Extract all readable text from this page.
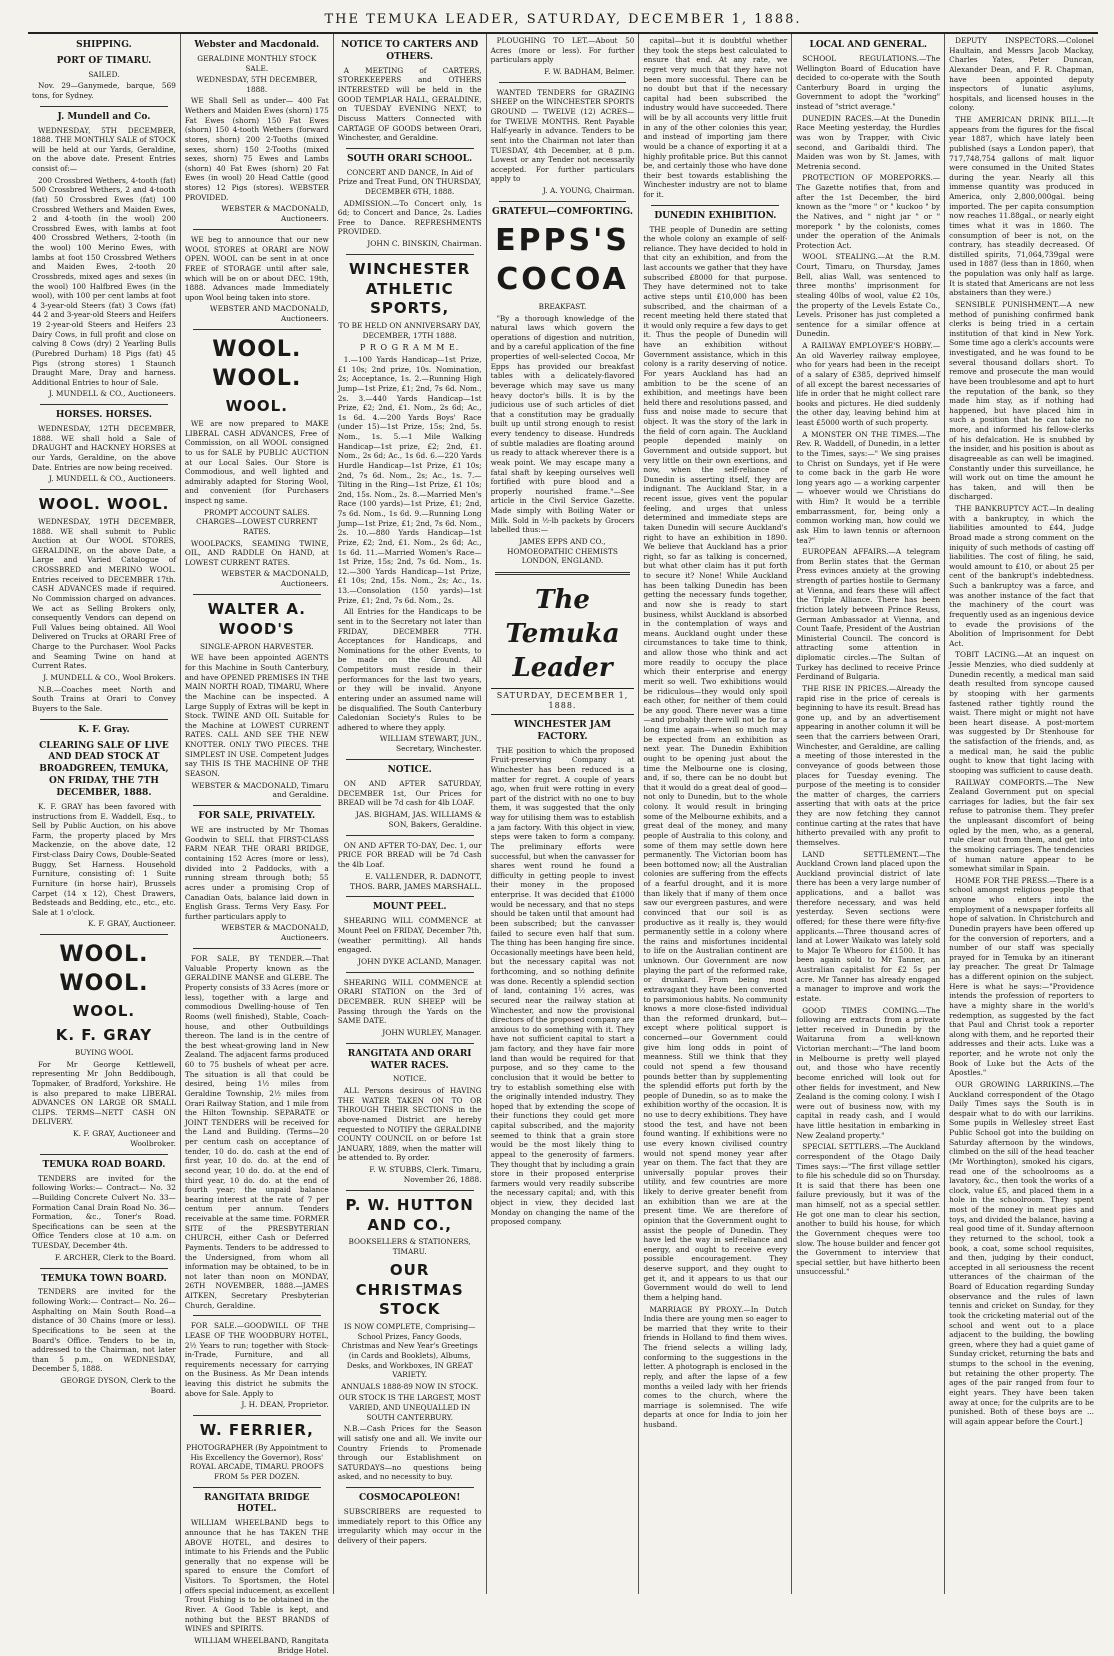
THE TEMUKA LEADER, SATURDAY, DECEMBER 1, 1888.
SHIPPING.
PORT OF TIMARU.

SAILED.

Nov. 29—Ganymede, barque, 569 tons, for Sydney.

J. Mundell and Co.

WEDNESDAY, 5TH DECEMBER, 1888. THE MONTHLY SALE of STOCK will be held at our Yards, Geraldine, on the above date. Present Entries consist of:—

200 Crossbred Wethers, 4-tooth (fat) 500 Crossbred Wethers, 2 and 4-tooth (fat) 50 Crossbred Ewes (fat) 100 Crossbred Wethers and Maiden Ewes, 2 and 4-tooth (in the wool) 200 Crossbred Ewes, with lambs at foot 400 Crossbred Wethers, 2-tooth (in the wool) 100 Merino Ewes, with lambs at foot 150 Crossbred Wethers and Maiden Ewes, 2-tooth 20 Crossbreds, mixed ages and sexes (in the wool) 100 Halfbred Ewes (in the wool), with 100 per cent lambs at foot 4 3-year-old Steers (fat) 3 Cows (fat) 44 2 and 3-year-old Steers and Heifers 19 2-year-old Steers and Heifers 23 Dairy Cows, in full profit and close on calving 8 Cows (dry) 2 Yearling Bulls (Purebred Durham) 18 Pigs (fat) 45 Pigs (strong stores) 1 Staunch Draught Mare, Dray and harness. Additional Entries to hour of Sale.

J. MUNDELL & CO., Auctioneers.

HORSES. HORSES.

WEDNESDAY, 12TH DECEMBER, 1888. WE shall hold a Sale of DRAUGHT and HACKNEY HORSES at our Yards, Geraldine, on the above Date. Entries are now being received.

J. MUNDELL & CO., Auctioneers.

WOOL. WOOL.

WEDNESDAY, 19TH DECEMBER, 1888. WE shall submit to Public Auction at Our WOOL STORES, GERALDINE, on the above Date, a Large and Varied Catalogue of CROSSBRED and MERINO WOOL. Entries received to DECEMBER 17th. CASH ADVANCES made if required. No Commission charged on advances. We act as Selling Brokers only, consequently Vendors can depend on Full Values being obtained. All Wool Delivered on Trucks at ORARI Free of Charge to the Purchaser. Wool Packs and Seaming Twine on hand at Current Rates.

J. MUNDELL & CO., Wool Brokers.

N.B.—Coaches meet North and South Trains at Orari to Convey Buyers to the Sale.

K. F. Gray.
CLEARING SALE OF LIVE AND DEAD STOCK AT BROADGREEN, TEMUKA, ON FRIDAY, THE 7TH DECEMBER, 1888.

K. F. GRAY has been favored with instructions from E. Waddell, Esq., to Sell by Public Auction, on his above Farm, the property placed by Mrs Mackenzie, on the above date, 12 First-class Dairy Cows, Double-Seated Buggy, Set Harness. Household Furniture, consisting of: 1 Suite Furniture (in horse hair), Brussels Carpet (14 x 12), Chest Drawers, Bedsteads and Bedding, etc., etc., etc. Sale at 1 o'clock.

K. F. GRAY, Auctioneer.

WOOL. WOOL.
WOOL.
K. F. GRAY

BUYING WOOL

For Mr George Kettlewell, representing Mr John Beddibough, Topmaker, of Bradford, Yorkshire. He is also prepared to make LIBERAL ADVANCES ON LARGE OR SMALL CLIPS. TERMS—NETT CASH ON DELIVERY.

K. F. GRAY, Auctioneer and Woolbroker.

TEMUKA ROAD BOARD.

TENDERS are invited for the following Works:— Contract— No. 32—Building Concrete Culvert No. 33—Formation Canal Drain Road No. 36—Formation, &c., Toner's Road. Specifications can be seen at the Office Tenders close at 10 a.m. on TUESDAY, December 4th.

F. ARCHER, Clerk to the Board.

TEMUKA TOWN BOARD.

TENDERS are invited for the following Work:— Contract— No. 26—Asphalting on Main South Road—a distance of 30 Chains (more or less). Specifications to be seen at the Board's Office. Tenders to be in, addressed to the Chairman, not later than 5 p.m., on WEDNESDAY, December 5, 1888.

GEORGE DYSON, Clerk to the Board.

Webster and Macdonald.

GERALDINE MONTHLY STOCK SALE.

WEDNESDAY, 5TH DECEMBER, 1888.

WE Shall Sell as under— 400 Fat Wethers and Maiden Ewes (shorn) 175 Fat Ewes (shorn) 150 Fat Ewes (shorn) 150 4-tooth Wethers (forward stores, shorn) 200 2-Tooths (mixed sexes, shorn) 150 2-Tooths (mixed sexes, shorn) 75 Ewes and Lambs (shorn) 40 Fat Ewes (shorn) 20 Fat Ewes (in wool) 20 Head Cattle (good stores) 12 Pigs (stores). WEBSTER PROVIDED.

WEBSTER & MACDONALD, Auctioneers.

WE beg to announce that our new WOOL STORES at ORARI are NOW OPEN. WOOL can be sent in at once FREE of STORAGE until after sale, which will be on or about DEC. 19th, 1888. Advances made Immediately upon Wool being taken into store.

WEBSTER AND MACDONALD, Auctioneers.

WOOL. WOOL.
WOOL.

WE are now prepared to MAKE LIBERAL CASH ADVANCES, Free of Commission, on all WOOL consigned to us for SALE by PUBLIC AUCTION at our Local Sales. Our Store is Commodious, and well lighted and admirably adapted for Storing Wool, and convenient (for Purchasers inspect ng same.

PROMPT ACCOUNT SALES. CHARGES—LOWEST CURRENT RATES.

WOOLPACKS, SEAMING TWINE, OIL, AND RADDLE On HAND, at LOWEST CURRENT RATES.

WEBSTER & MACDONALD, Auctioneers.

WALTER A. WOOD'S

SINGLE-APRON HARVESTER.

WE have been appointed AGENTS for this Machine in South Canterbury, and have OPENED PREMISES IN THE MAIN NORTH ROAD, TIMARU, Where the Machine can be inspected. A Large Supply of Extras will be kept in Stock. TWINE AND OIL Suitable for the Machine at LOWEST CURRENT RATES. CALL AND SEE THE NEW KNOTTER. ONLY TWO PIECES. THE SIMPLEST IN USE. Competent Judges say THIS IS THE MACHINE OF THE SEASON.

WEBSTER & MACDONALD, Timaru and Geraldine.

FOR SALE, PRIVATELY.

WE are instructed by Mr Thomas Goodwin to SELL that FIRST-CLASS FARM NEAR THE ORARI BRIDGE, containing 152 Acres (more or less), divided into 2 Paddocks, with a running stream through both; 55 acres under a promising Crop of Canadian Oats, balance laid down in English Grass. Terms Very Easy. For further particulars apply to

WEBSTER & MACDONALD, Auctioneers.

FOR SALE, BY TENDER.—That Valuable Property known as the GERALDINE MANSE and GLEBE. The Property consists of 33 Acres (more or less), together with a large and commodious Dwelling-house of Ten Rooms (well finished), Stable, Coach-house, and other Outbuildings thereon. The land is in the centre of the best wheat-growing land in New Zealand. The adjacent farms produced 60 to 75 bushels of wheat per acre. The situation is all that could be desired, being 1½ miles from Geraldine Township, 2½ miles from Orari Railway Station, and 1 mile from the Hilton Township. SEPARATE or JOINT TENDERS will be received for the Land and Building. (Terms—20 per centum cash on acceptance of tender, 10 do. do. cash at the end of first year, 10 do. do. at the end of second year, 10 do. do. at the end of third year, 10 do. do. at the end of fourth year; the unpaid balance bearing interest at the rate of 7 per centum per annum. Tenders receivable at the same time. FORMER SITE of the PRESBYTERIAN CHURCH, either Cash or Deferred Payments. Tenders to be addressed to the Undersigned, from whom all information may be obtained, to be in not later than noon on MONDAY, 26TH NOVEMBER, 1888.—JAMES AITKEN, Secretary Presbyterian Church, Geraldine.

FOR SALE.—GOODWILL OF THE LEASE OF THE WOODBURY HOTEL, 2½ Years to run; together with Stock-in-Trade, Furniture, and all requirements necessary for carrying on the Business. As Mr Dean intends leaving this district he submits the above for Sale. Apply to

J. H. DEAN, Proprietor.

W. FERRIER,

PHOTOGRAPHER (By Appointment to His Excellency the Governor), Ross' ROYAL ARCADE, TIMARU. PROOFS FROM 5s PER DOZEN.

RANGITATA BRIDGE HOTEL.

WILLIAM WHEELBAND begs to announce that he has TAKEN THE ABOVE HOTEL, and desires to intimate to his Friends and the Public generally that no expense will be spared to ensure the Comfort of Visitors. To Sportsmen, the Hotel offers special inducement, as excellent Trout Fishing is to be obtained in the River. A Good Table is kept, and nothing but the BEST BRANDS of WINES and SPIRITS.

WILLIAM WHEELBAND, Rangitata Bridge Hotel.

NOTICE TO CARTERS AND OTHERS.

A MEETING of CARTERS, STOREKEEPERS and OTHERS INTERESTED will be held in the GOOD TEMPLAR HALL, GERALDINE, on TUESDAY EVENING NEXT, to Discuss Matters Connected with CARTAGE OF GOODS between Orari, Winchester, and Geraldine.

SOUTH ORARI SCHOOL.

CONCERT AND DANCE, In Aid of Prize and Treat Fund, ON THURSDAY, DECEMBER 6TH, 1888.

ADMISSION.—To Concert only, 1s 6d; to Concert and Dance, 2s. Ladies Free to Dance. REFRESHMENTS PROVIDED.

JOHN C. BINSKIN, Chairman.

WINCHESTER ATHLETIC SPORTS,

TO BE HELD ON ANNIVERSARY DAY, DECEMBER, 17TH 1888.

P R O G R A M M E.

1.—100 Yards Handicap—1st Prize, £1 10s; 2nd prize, 10s. Nomination, 2s; Acceptance, 1s. 2.—Running High Jump—1st Prize, £1; 2nd, 7s 6d. Nom., 2s. 3.—440 Yards Handicap—1st Prize, £2; 2nd, £1. Nom., 2s 6d; Ac., 1s 6d. 4.—200 Yards Boys' Race (under 15)—1st Prize, 15s; 2nd, 5s. Nom., 1s. 5.—1 Mile Walking Handicap—1st prize, £2; 2nd, £1. Nom., 2s 6d; Ac., 1s 6d. 6.—220 Yards Hurdle Handicap—1st Prize, £1 10s; 2nd, 7s 6d. Nom., 2s; Ac., 1s. 7.—Tilting in the Ring—1st Prize, £1 10s; 2nd, 15s. Nom., 2s. 8.—Married Men's Race (100 yards)—1st Prize, £1; 2nd, 7s 6d. Nom., 1s 6d. 9.—Running Long Jump—1st Prize, £1; 2nd, 7s 6d. Nom., 2s. 10.—880 Yards Handicap—1st Prize, £2; 2nd, £1. Nom., 2s 6d; Ac., 1s 6d. 11.—Married Women's Race—1st Prize, 15s; 2nd, 7s 6d. Nom., 1s. 12.—300 Yards Handicap—1st Prize, £1 10s; 2nd, 15s. Nom., 2s; Ac., 1s. 13.—Consolation (150 yards)—1st Prize, £1; 2nd, 7s 6d. Nom., 2s.

All Entries for the Handicaps to be sent in to the Secretary not later than FRIDAY, DECEMBER 7TH. Acceptances for Handicaps, and Nominations for the other Events, to be made on the Ground. All Competitors must reside in their performances for the last two years, or they will be invalid. Anyone entering under an assumed name will be disqualified. The South Canterbury Caledonian Society's Rules to be adhered to where they apply.

WILLIAM STEWART, JUN., Secretary, Winchester.

NOTICE.

ON AND AFTER SATURDAY, DECEMBER 1st, Our Prices for BREAD will be 7d cash for 4lb LOAF.

JAS. BIGHAM, JAS. WILLIAMS & SON, Bakers, Geraldine.

ON AND AFTER TO-DAY, Dec. 1, our PRICE FOR BREAD will be 7d Cash the 4lb Loaf.

E. VALLENDER, R. DADNOTT, THOS. BARR, JAMES MARSHALL.

MOUNT PEEL.

SHEARING WILL COMMENCE at Mount Peel on FRIDAY, December 7th, (weather permitting). All hands engaged.

JOHN DYKE ACLAND, Manager.

SHEARING WILL COMMENCE at ORARI STATION on the 3rd of DECEMBER. RUN SHEEP will be Passing through the Yards on the SAME DATE.

JOHN WURLEY, Manager.

RANGITATA AND ORARI WATER RACES.

NOTICE.

ALL Persons desirous of HAVING THE WATER TAKEN ON TO OR THROUGH THEIR SECTIONS in the above-named District are hereby requested to NOTIFY the GERALDINE COUNTY COUNCIL on or before 1st JANUARY, 1889, when the matter will be attended to. By order.

F. W. STUBBS, Clerk. Timaru, November 26, 1888.

P. W. HUTTON AND CO.,

BOOKSELLERS & STATIONERS, TIMARU.

OUR CHRISTMAS STOCK

IS NOW COMPLETE, Comprising— School Prizes, Fancy Goods, Christmas and New Year's Greetings (in Cards and Booklets), Albums, Desks, and Workboxes, IN GREAT VARIETY.

ANNUALS 1888-89 NOW IN STOCK.

OUR STOCK IS THE LARGEST, MOST VARIED, AND UNEQUALLED IN SOUTH CANTERBURY.

N.B.—Cash Prices for the Season will satisfy one and all. We invite our Country Friends to Promenade through our Establishment on SATURDAYS—no questions being asked, and no necessity to buy.

COSMOCAPOLEON!

SUBSCRIBERS are requested to immediately report to this Office any irregularity which may occur in the delivery of their papers.

PLOUGHING TO LET.—About 50 Acres (more or less). For further particulars apply

F. W. BADHAM, Belmer.

WANTED TENDERS for GRAZING SHEEP on the WINCHESTER SPORTS GROUND — TWELVE (12) ACRES—for TWELVE MONTHS. Rent Payable Half-yearly in advance. Tenders to be sent into the Chairman not later than TUESDAY, 4th December, at 8 p.m. Lowest or any Tender not necessarily accepted. For further particulars apply to

J. A. YOUNG, Chairman.

GRATEFUL—COMFORTING.
EPPS'S COCOA

BREAKFAST.

"By a thorough knowledge of the natural laws which govern the operations of digestion and nutrition, and by a careful application of the fine properties of well-selected Cocoa, Mr Epps has provided our breakfast tables with a delicately-flavored beverage which may save us many heavy doctor's bills. It is by the judicious use of such articles of diet that a constitution may be gradually built up until strong enough to resist every tendency to disease. Hundreds of subtle maladies are floating around us ready to attack wherever there is a weak point. We may escape many a fatal shaft by keeping ourselves well fortified with pure blood and a properly nourished frame."—See article in the Civil Service Gazette. Made simply with Boiling Water or Milk. Sold in ½-lb packets by Grocers labelled thus:—

JAMES EPPS AND CO., HOMOEOPATHIC CHEMISTS LONDON, ENGLAND.

The Temuka Leader
SATURDAY, DECEMBER 1, 1888.
WINCHESTER JAM FACTORY.

THE position to which the proposed Fruit-preserving Company at Winchester has been reduced is a matter for regret. A couple of years ago, when fruit were rotting in every part of the district with no one to buy them, it was suggested that the only way for utilising them was to establish a jam factory. With this object in view, steps were taken to form a company. The preliminary efforts were successful, but when the canvasser for shares went round he found a difficulty in getting people to invest their money in the proposed enterprise. It was decided that £1000 would be necessary, and that no steps should be taken until that amount had been subscribed; but the canvasser failed to secure even half that sum. The thing has been hanging fire since. Occasionally meetings have been held, but the necessary capital was not forthcoming, and so nothing definite was done. Recently a splendid section of land, containing 1½ acres, was secured near the railway station at Winchester, and now the provisional directors of the proposed company are anxious to do something with it. They have not sufficient capital to start a jam factory, and they have fair more land than would be required for that purpose, and so they came to the conclusion that it would be better to try to establish something else with the originally intended industry. They hoped that by extending the scope of their functions they could get more capital subscribed, and the majority seemed to think that a grain store would be the most likely thing to appeal to the generosity of farmers. They thought that by including a grain store in their proposed enterprise farmers would very readily subscribe the necessary capital; and, with this object in view, they decided last Monday on changing the name of the proposed company.

capital—but it is doubtful whether they took the steps best calculated to ensure that end. At any rate, we regret very much that they have not been more successful. There can be no doubt but that if the necessary capital had been subscribed the industry would have succeeded. There will be by all accounts very little fruit in any of the other colonies this year, and instead of importing jam there would be a chance of exporting it at a highly profitable price. But this cannot be, and certainly those who have done their best towards establishing the Winchester industry are not to blame for it.

DUNEDIN EXHIBITION.

THE people of Dunedin are setting the whole colony an example of self-reliance. They have decided to hold in that city an exhibition, and from the last accounts we gather that they have subscribed £8000 for that purpose. They have determined not to take active steps until £10,000 has been subscribed, and the chairman of a recent meeting held there stated that it would only require a few days to get it. Thus the people of Dunedin will have an exhibition without Government assistance, which in this colony is a rarity deserving of notice. For years Auckland has had an ambition to be the scene of an exhibition, and meetings have been held there and resolutions passed, and fuss and noise made to secure that object. It was the story of the lark in the field of corn again. The Auckland people depended mainly on Government and outside support, but very little on their own exertions, and now, when the self-reliance of Dunedin is asserting itself, they are indignant. The Auckland Star, in a recent issue, gives vent the popular feeling, and urges that unless determined and immediate steps are taken Dunedin will secure Auckland's right to have an exhibition in 1890. We believe that Auckland has a prior right, so far as talking is concerned, but what other claim has it put forth to secure it? None! While Auckland has been talking Dunedin has been getting the necessary funds together, and now she is ready to start business, whilst Auckland is absorbed in the contemplation of ways and means. Auckland ought under these circumstances to take time to think, and allow those who think and act more readily to occupy the place which their enterprise and energy merit so well. Two exhibitions would be ridiculous—they would only spoil each other, for neither of them could be any good. There never was a time—and probably there will not be for a long time again—when so much may be expected from an exhibition as next year. The Dunedin Exhibition ought to be opening just about the time the Melbourne one is closing, and, if so, there can be no doubt but that it would do a great deal of good—not only to Dunedin, but to the whole colony. It would result in bringing some of the Melbourne exhibits, and a great deal of the money, and many people of Australia to this colony, and some of them may settle down here permanently. The Victorian boom has been bottomed now; all the Australian colonies are suffering from the effects of a fearful drought, and it is more than likely that if many of them once saw our evergreen pastures, and were convinced that our soil is as productive as it really is, they would permanently settle in a colony where the rains and misfortunes incidental to life on the Australian continent are unknown. Our Government are now playing the part of the reformed rake, or drunkard. From being most extravagant they have been converted to parsimonious habits. No community knows a more close-fisted individual than the reformed drunkard, but—except where political support is concerned—our Government could give him long odds in point of meanness. Still we think that they could not spend a few thousand pounds better than by supplementing the splendid efforts put forth by the people of Dunedin, so as to make the exhibition worthy of the occasion. It is no use to decry exhibitions. They have stood the test, and have not been found wanting. If exhibitions were no use every known civilised country would not spend money year after year on them. The fact that they are universally popular proves their utility, and few countries are more likely to derive greater benefit from an exhibition than we are at the present time. We are therefore of opinion that the Government ought to assist the people of Dunedin. They have led the way in self-reliance and energy, and ought to receive every possible encouragement. They deserve support, and they ought to get it, and it appears to us that our Government would do well to lend them a helping hand.

MARRIAGE BY PROXY.—In Dutch India there are young men so eager to be married that they write to their friends in Holland to find them wives. The friend selects a willing lady, conforming to the suggestions in the letter. A photograph is enclosed in the reply, and after the lapse of a few months a veiled lady with her friends comes to the church, where the marriage is solemnised. The wife departs at once for India to join her husband.

LOCAL AND GENERAL.

SCHOOL REGULATIONS.—The Wellington Board of Education have decided to co-operate with the South Canterbury Board in urging the Government to adopt the "working" instead of "strict average."

DUNEDIN RACES.—At the Dunedin Race Meeting yesterday, the Hurdles was won by Trapper, with Civic second, and Garibaldi third. The Maiden was won by St. James, with Metrenia second.

PROTECTION OF MOREPORKS.—The Gazette notifies that, from and after the 1st December, the bird known as the "more " or " kuckoo " by the Natives, and " night jar " or " morepork " by the colonists, comes under the operation of the Animals Protection Act.

WOOL STEALING.—At the R.M. Court, Timaru, on Thursday, James Bell, alias Wall, was sentenced to three months' imprisonment for stealing 40lbs of wool, value £2 10s, the property of the Levels Estate Co., Levels. Prisoner has just completed a sentence for a similar offence at Dunedin.

A RAILWAY EMPLOYEE'S HOBBY.—An old Waverley railway employee, who for years had been in the receipt of a salary of £385, deprived himself of all except the barest necessaries of life in order that he might collect rare books and pictures. He died suddenly the other day, leaving behind him at least £5000 worth of such property.

A MONSTER ON THE TIMES.—The Rev. R. Waddell, of Dunedin, in a letter to the Times, says:—" We sing praises to Christ on Sundays, yet if He were to come back in the garb He wore long years ago — a working carpenter — whoever would we Christians do with Him? It would be a terrible embarrassment, for, being only a common working man, how could we ask Him to lawn tennis or afternoon tea?"

EUROPEAN AFFAIRS.—A telegram from Berlin states that the German Press evinces anxiety at the growing strength of parties hostile to Germany at Vienna, and fears these will affect the Triple Alliance. There has been friction lately between Prince Reuss, German Ambassador at Vienna, and Count Taafe, President of the Austrian Ministerial Council. The concord is attracting some attention in diplomatic circles.—The Sultan of Turkey has declined to receive Prince Ferdinand of Bulgaria.

THE RISE IN PRICES.—Already the rapid rise in the price of cereals is beginning to have its result. Bread has gone up, and by an advertisement appearing in another column it will be seen that the carriers between Orari, Winchester, and Geraldine, are calling a meeting of those interested in the conveyance of goods between those places for Tuesday evening. The purpose of the meeting is to consider the matter of charges, the carriers asserting that with oats at the price they are now fetching they cannot continue carting at the rates that have hitherto prevailed with any profit to themselves.

LAND SETTLEMENT.—The Auckland Crown land placed upon the Auckland provincial district of late there has been a very large number of applications, and a ballot was therefore necessary, and was held yesterday. Seven sections were offered; for these there were fifty-five applicants.—Three thousand acres of land at Lower Waikato was lately sold to Major Te Wheoro for £1500. It has been again sold to Mr Tanner, an Australian capitalist for £2 5s per acre. Mr Tanner has already engaged a manager to improve and work the estate.

GOOD TIMES COMING.—The following are extracts from a private letter received in Dunedin by the Waitaruna from a well-known Victorian merchant:—"The land boom in Melbourne is pretty well played out, and those who have recently become enriched will look out for other fields for investment, and New Zealand is the coming colony. I wish I were out of business now, with my capital in ready cash, and I would have little hesitation in embarking in New Zealand property."

SPECIAL SETTLERS.—The Auckland correspondent of the Otago Daily Times says:—"The first village settler to file his schedule did so on Thursday. It is said that there has been one failure previously, but it was of the man himself, not as a special settler. He got one man to clear his section, another to build his house, for which the Government cheques were too slow. The house builder and fencer got the Government to interview that special settler, but have hitherto been unsuccessful."

DEPUTY INSPECTORS.—Colonel Haultain, and Messrs Jacob Mackay, Charles Yates, Peter Duncan, Alexander Dean, and F. R. Chapman, have been appointed deputy inspectors of lunatic asylums, hospitals, and licensed houses in the colony.

THE AMERICAN DRINK BILL.—It appears from the figures for the fiscal year 1887, which have lately been published (says a London paper), that 717,748,754 gallons of malt liquor were consumed in the United States during the year. Nearly all this immense quantity was produced in America, only 2,800,000gal. being imported. The per capita consumption now reaches 11.88gal., or nearly eight times what it was in 1860. The consumption of beer is not, on the contrary, has steadily decreased. Of distilled spirits, 71,064,739gal were used in 1887 (less than in 1860, when the population was only half as large. It is stated that Americans are not less abstainers than they were.)

SENSIBLE PUNISHMENT.—A new method of punishing confirmed bank clerks is being tried in a certain institution of that kind in New York. Some time ago a clerk's accounts were investigated, and he was found to be several thousand dollars short. To remove and prosecute the man would have been troublesome and apt to hurt the reputation of the bank, so they made him stay, as if nothing had happened, but have placed him in such a position that he can take no more, and informed his fellow-clerks of his defalcation. He is snubbed by the insider, and his position is about as disagreeable as can well be imagined. Constantly under this surveillance, he will work out on time the amount he has taken, and will then be discharged.

THE BANKRUPTCY ACT.—In dealing with a bankruptcy, in which the liabilities amounted to £44, Judge Broad made a strong comment on the iniquity of such methods of casting off liabilities. The cost of filing, he said, would amount to £10, or about 25 per cent of the bankrupt's indebtedness. Such a bankruptcy was a farce, and was another instance of the fact that the machinery of the court was frequently used as an ingenious device to evade the provisions of the Abolition of Imprisonment for Debt Act.

TOBIT LACING.—At an inquest on Jessie Menzies, who died suddenly at Dunedin recently, a medical man said death resulted from syncope caused by stooping with her garments fastened rather tightly round the waist. There might or might not have been heart disease. A post-mortem was suggested by Dr Stenhouse for the satisfaction of the friends, and, as a medical man, he said the public ought to know that tight lacing with stooping was sufficient to cause death.

RAILWAY COMFORTS.—The New Zealand Government put on special carriages for ladies, but the fair sex refuse to patronise them. They prefer the unpleasant discomfort of being ogled by the men, who, as a general, rule clear out from them, and get into the smoking carriages. The tendencies of human nature appear to be somewhat similar in Spain.

HOME FOR THE PRESS.—There is a school amongst religious people that anyone who enters into the employment of a newspaper forfeits all hope of salvation. In Christchurch and Dunedin prayers have been offered up for the conversion of reporters, and a number of our staff was specially prayed for in Temuka by an itinerant lay preacher. The great Dr Talmage has a different opinion on the subject. Here is what he says:—"Providence intends the profession of reporters to have a mighty share in the world's redemption, as suggested by the fact that Paul and Christ took a reporter along with them, and he reported their addresses and their acts. Luke was a reporter, and he wrote not only the Book of Luke but the Acts of the Apostles."

OUR GROWING LARRIKINS.—The Auckland correspondent of the Otago Daily Times says the South is in despair what to do with our larrikins. Some pupils in Wellesley street East Public School got into the building on Saturday afternoon by the windows, climbed on the sill of the head teacher (Mr Worthington), smoked his cigars, read one of the schoolrooms as a lavatory, &c., then took the works of a clock, value £5, and placed them in a hole in the schoolroom. They spent most of the money in meat pies and toys, and divided the balance, having a real good time of it. Sunday afternoon they returned to the school, took a book, a coat, some school requisites, and then, judging by their conduct, accepted in all seriousness the recent utterances of the chairman of the Board of Education regarding Sunday observance and the rules of lawn tennis and cricket on Sunday, for they took the cricketing material out of the school and went out to a place adjacent to the building, the bowling green, where they had a quiet game of Sunday cricket, returning the bats and stumps to the school in the evening, but retaining the other property. The ages of the pair ranged from four to eight years. They have been taken away at once; for the culprits are to be punished. Both of these boys are ... will again appear before the Court.]
